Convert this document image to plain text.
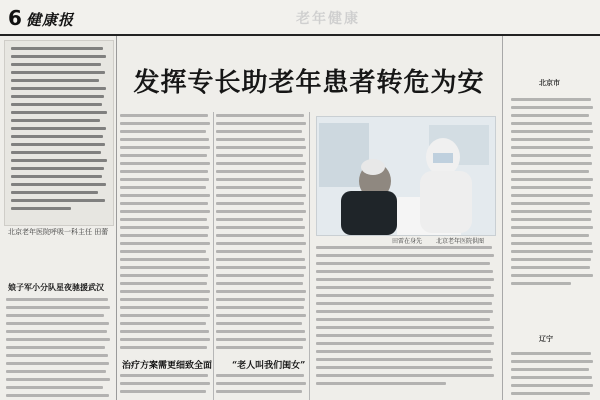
6 健康报	老年健康
北京老年医院呼吸一科主任 田蕾
娘子军小分队星夜驰援武汉
发挥专长助老年患者转危为安
治疗方案需更细致全面 “老人叫我们闺女”
田雷在身先 北京老年医院供图
北京市
辽宁
